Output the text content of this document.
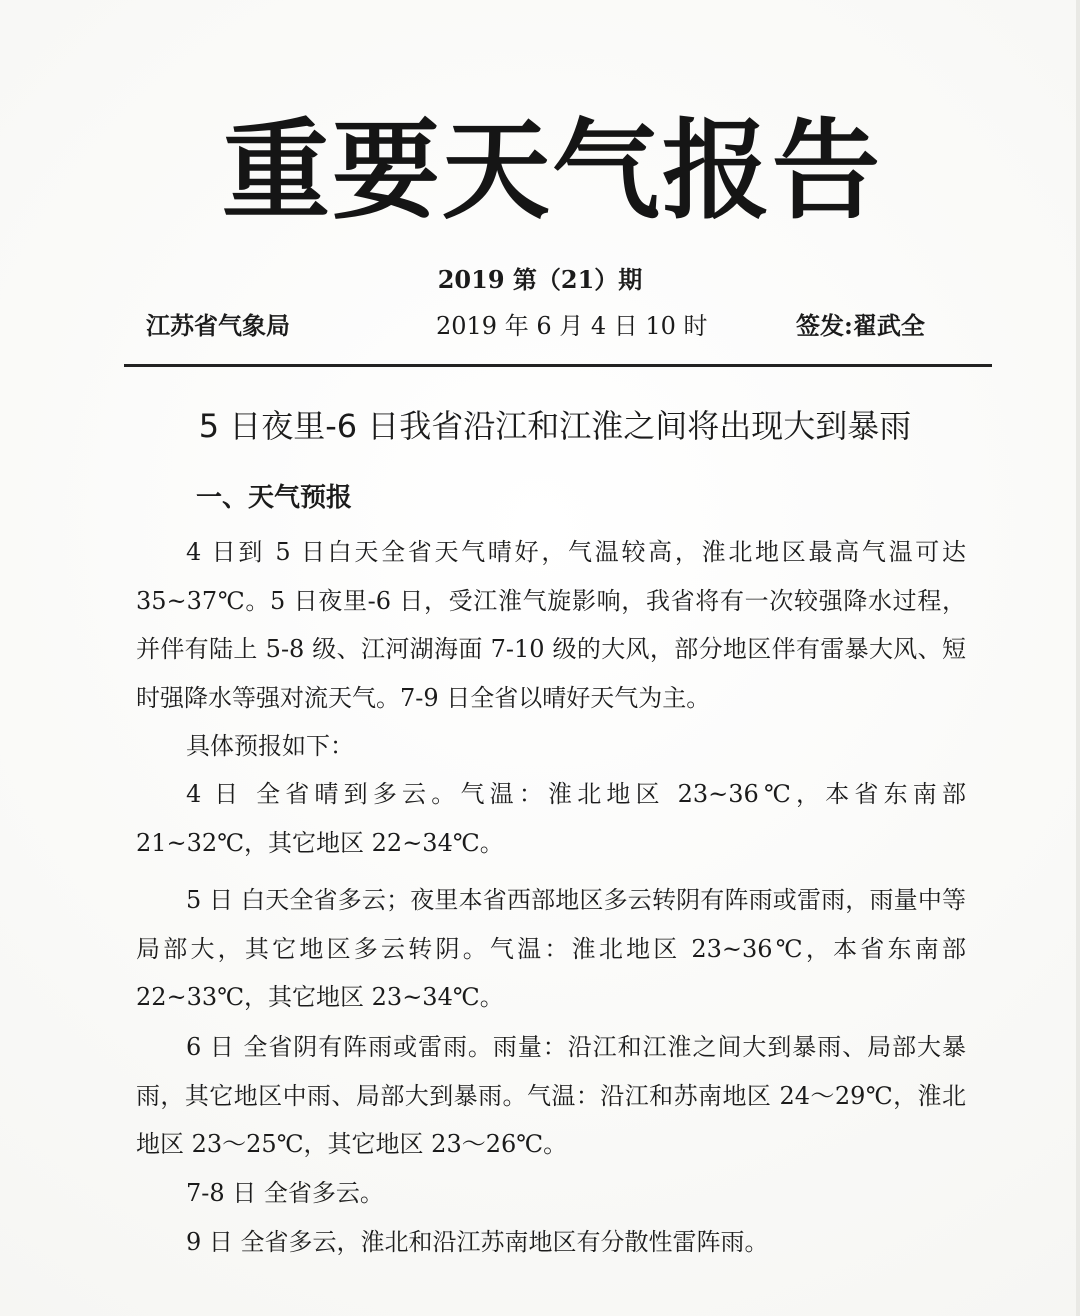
重要天气报告
2019 第（21）期
江苏省气象局	2019 年 6 月 4 日 10 时	签发:翟武全
5 日夜里-6 日我省沿江和江淮之间将出现大到暴雨
一、天气预报

4 日到 5 日白天全省天气晴好，气温较高，淮北地区最高气温可达 35~37℃。5 日夜里-6 日，受江淮气旋影响，我省将有一次较强降水过程，并伴有陆上 5-8 级、江河湖海面 7-10 级的大风，部分地区伴有雷暴大风、短时强降水等强对流天气。7-9 日全省以晴好天气为主。

具体预报如下：

4 日 全省晴到多云。气温：淮北地区 23~36℃，本省东南部 21~32℃，其它地区 22~34℃。

5 日 白天全省多云；夜里本省西部地区多云转阴有阵雨或雷雨，雨量中等局部大，其它地区多云转阴。气温：淮北地区 23~36℃，本省东南部 22~33℃，其它地区 23~34℃。

6 日 全省阴有阵雨或雷雨。雨量：沿江和江淮之间大到暴雨、局部大暴雨，其它地区中雨、局部大到暴雨。气温：沿江和苏南地区 24～29℃，淮北地区 23～25℃，其它地区 23～26℃。

7-8 日 全省多云。

9 日 全省多云，淮北和沿江苏南地区有分散性雷阵雨。
